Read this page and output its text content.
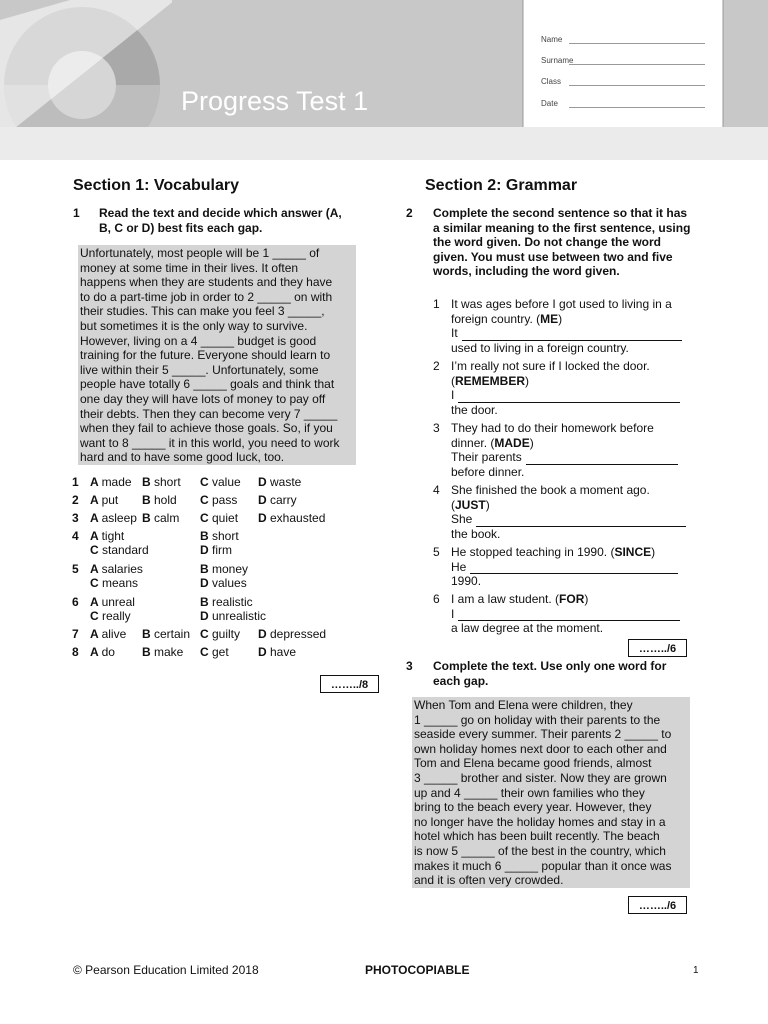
Progress Test 1
Name
Surname
Class
Date
Section 1: Vocabulary
1 Read the text and decide which answer (A, B, C or D) best fits each gap.
Unfortunately, most people will be 1 _____ of
money at some time in their lives. It often
happens when they are students and they have
to do a part-time job in order to 2 _____ on with
their studies. This can make you feel 3 _____,
but sometimes it is the only way to survive.
However, living on a 4 _____ budget is good
training for the future. Everyone should learn to
live within their 5 _____. Unfortunately, some
people have totally 6 _____ goals and think that
one day they will have lots of money to pay off
their debts. Then they can become very 7 _____
when they fail to achieve those goals. So, if you
want to 8 _____ it in this world, you need to work
hard and to have some good luck, too.
1 A made B short C value D waste
2 A put B hold C pass D carry
3 A asleep B calm C quiet D exhausted
4 A tight	B short
C standard	D firm
5 A salaries	B money
C means	D values
6 A unreal	B realistic
C really	D unrealistic
7 A alive B certain C guilty D depressed
8 A do B make C get D have
……../8
Section 2: Grammar
2 Complete the second sentence so that it has a similar meaning to the first sentence, using the word given. Do not change the word given. You must use between two and five words, including the word given.
1 It was ages before I got used to living in a
foreign country. (ME)
It
used to living in a foreign country.
2 I’m really not sure if I locked the door.
(REMEMBER)
I
the door.
3 They had to do their homework before
dinner. (MADE)
Their parents
before dinner.
4 She finished the book a moment ago.
(JUST)
She
the book.
5 He stopped teaching in 1990. (SINCE)
He
1990.
6 I am a law student. (FOR)
I
a law degree at the moment.
……../6
3 Complete the text. Use only one word for each gap.
When Tom and Elena were children, they
1 _____ go on holiday with their parents to the
seaside every summer. Their parents 2 _____ to
own holiday homes next door to each other and
Tom and Elena became good friends, almost
3 _____ brother and sister. Now they are grown
up and 4 _____ their own families who they
bring to the beach every year. However, they
no longer have the holiday homes and stay in a
hotel which has been built recently. The beach
is now 5 _____ of the best in the country, which
makes it much 6 _____ popular than it once was
and it is often very crowded.
……../6
© Pearson Education Limited 2018	PHOTOCOPIABLE	1
